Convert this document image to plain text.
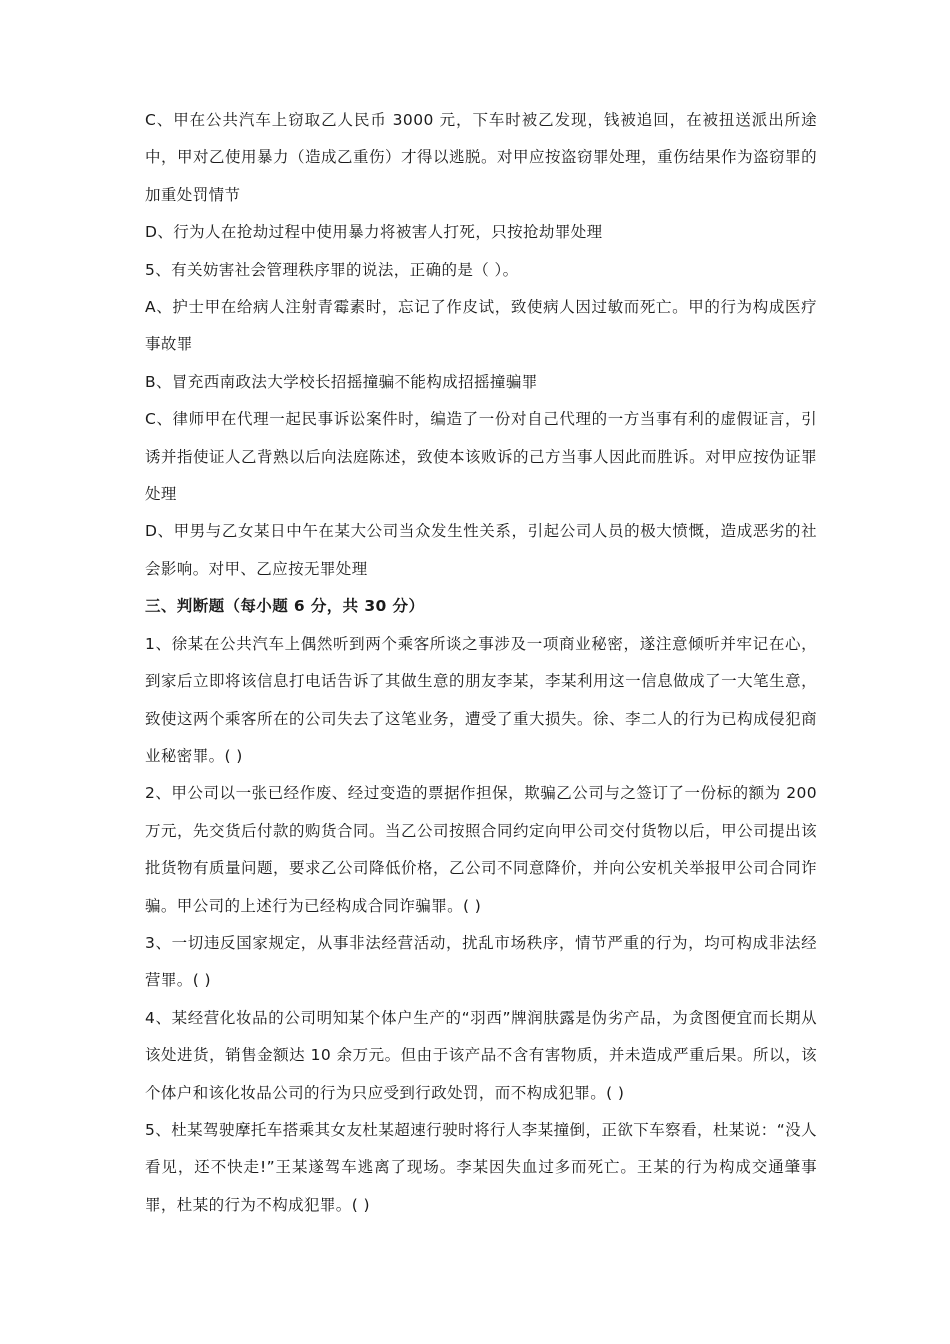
C、甲在公共汽车上窃取乙人民币 3000 元，下车时被乙发现，钱被追回，在被扭送派出所途中，甲对乙使用暴力（造成乙重伤）才得以逃脱。对甲应按盗窃罪处理，重伤结果作为盗窃罪的加重处罚情节

D、行为人在抢劫过程中使用暴力将被害人打死，只按抢劫罪处理

5、有关妨害社会管理秩序罪的说法，正确的是（ ）。

A、护士甲在给病人注射青霉素时，忘记了作皮试，致使病人因过敏而死亡。甲的行为构成医疗事故罪

B、冒充西南政法大学校长招摇撞骗不能构成招摇撞骗罪

C、律师甲在代理一起民事诉讼案件时，编造了一份对自己代理的一方当事有利的虚假证言，引诱并指使证人乙背熟以后向法庭陈述，致使本该败诉的己方当事人因此而胜诉。对甲应按伪证罪处理

D、甲男与乙女某日中午在某大公司当众发生性关系，引起公司人员的极大愤慨，造成恶劣的社会影响。对甲、乙应按无罪处理

三、判断题（每小题 6 分，共 30 分）

1、徐某在公共汽车上偶然听到两个乘客所谈之事涉及一项商业秘密，遂注意倾听并牢记在心，到家后立即将该信息打电话告诉了其做生意的朋友李某，李某利用这一信息做成了一大笔生意，致使这两个乘客所在的公司失去了这笔业务，遭受了重大损失。徐、李二人的行为已构成侵犯商业秘密罪。( )

2、甲公司以一张已经作废、经过变造的票据作担保，欺骗乙公司与之签订了一份标的额为 200 万元，先交货后付款的购货合同。当乙公司按照合同约定向甲公司交付货物以后，甲公司提出该批货物有质量问题，要求乙公司降低价格，乙公司不同意降价，并向公安机关举报甲公司合同诈骗。甲公司的上述行为已经构成合同诈骗罪。( )

3、一切违反国家规定，从事非法经营活动，扰乱市场秩序，情节严重的行为，均可构成非法经营罪。( )

4、某经营化妆品的公司明知某个体户生产的“羽西”牌润肤露是伪劣产品，为贪图便宜而长期从该处进货，销售金额达 10 余万元。但由于该产品不含有害物质，并未造成严重后果。所以，该个体户和该化妆品公司的行为只应受到行政处罚，而不构成犯罪。( )

5、杜某驾驶摩托车搭乘其女友杜某超速行驶时将行人李某撞倒，正欲下车察看，杜某说：“没人看见，还不快走!”王某遂驾车逃离了现场。李某因失血过多而死亡。王某的行为构成交通肇事罪，杜某的行为不构成犯罪。( )
